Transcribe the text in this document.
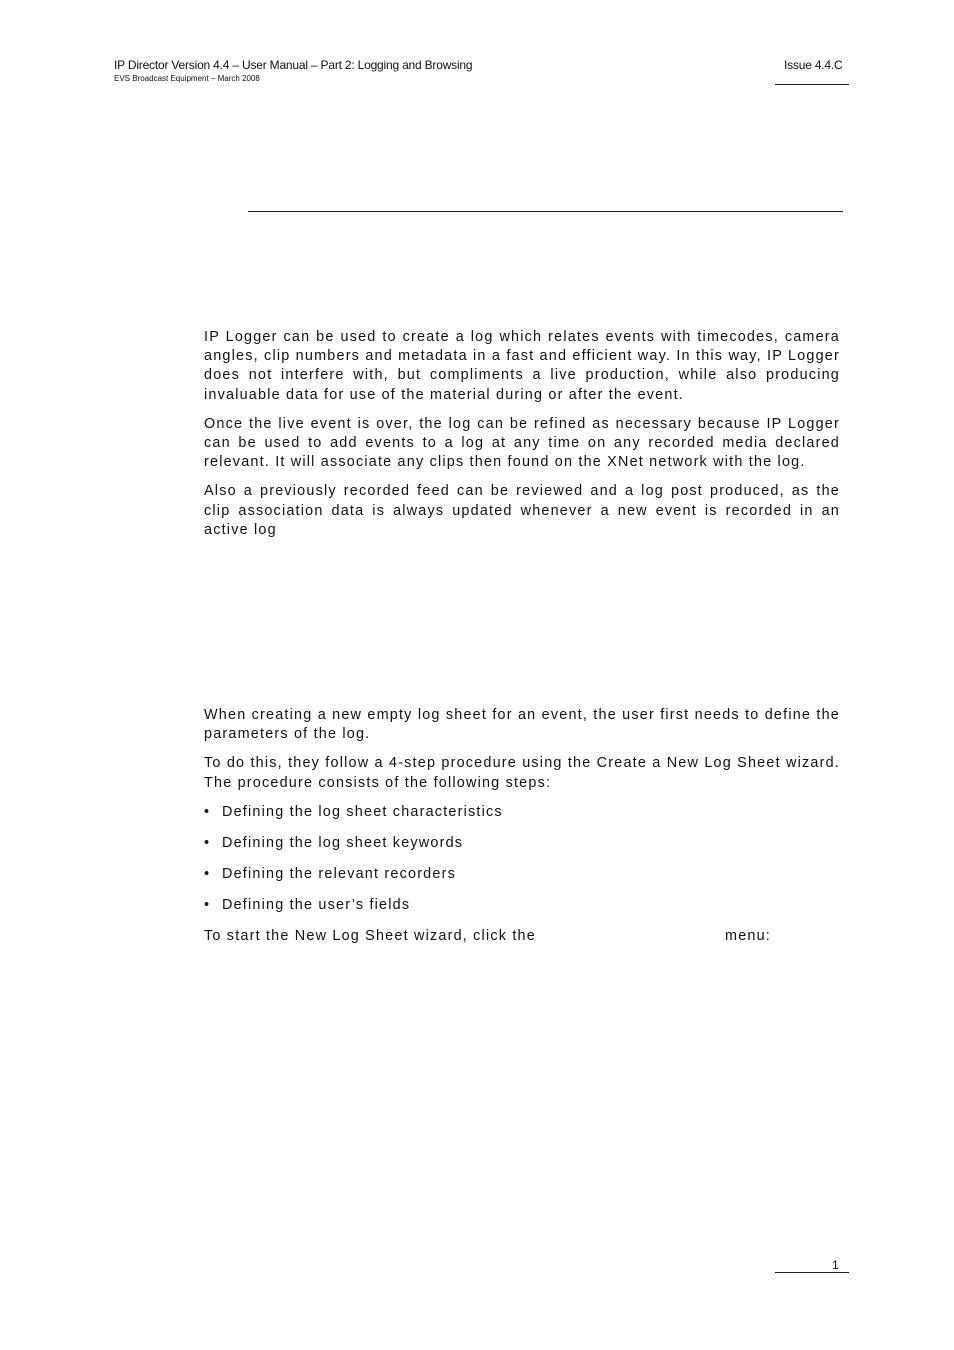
IP Director Version 4.4 – User Manual – Part 2: Logging and Browsing
EVS Broadcast Equipment – March 2008
Issue 4.4.C

IP Logger can be used to create a log which relates events with timecodes, camera angles, clip numbers and metadata in a fast and efficient way. In this way, IP Logger does not interfere with, but compliments a live production, while also producing invaluable data for use of the material during or after the event.

Once the live event is over, the log can be refined as necessary because IP Logger can be used to add events to a log at any time on any recorded media declared relevant. It will associate any clips then found on the XNet network with the log.

Also a previously recorded feed can be reviewed and a log post produced, as the clip association data is always updated whenever a new event is recorded in an active log

When creating a new empty log sheet for an event, the user first needs to define the parameters of the log.

To do this, they follow a 4-step procedure using the Create a New Log Sheet wizard. The procedure consists of the following steps:

• Defining the log sheet characteristics
• Defining the log sheet keywords
• Defining the relevant recorders
• Defining the user’s fields
To start the New Log Sheet wizard, click the	menu:
1
